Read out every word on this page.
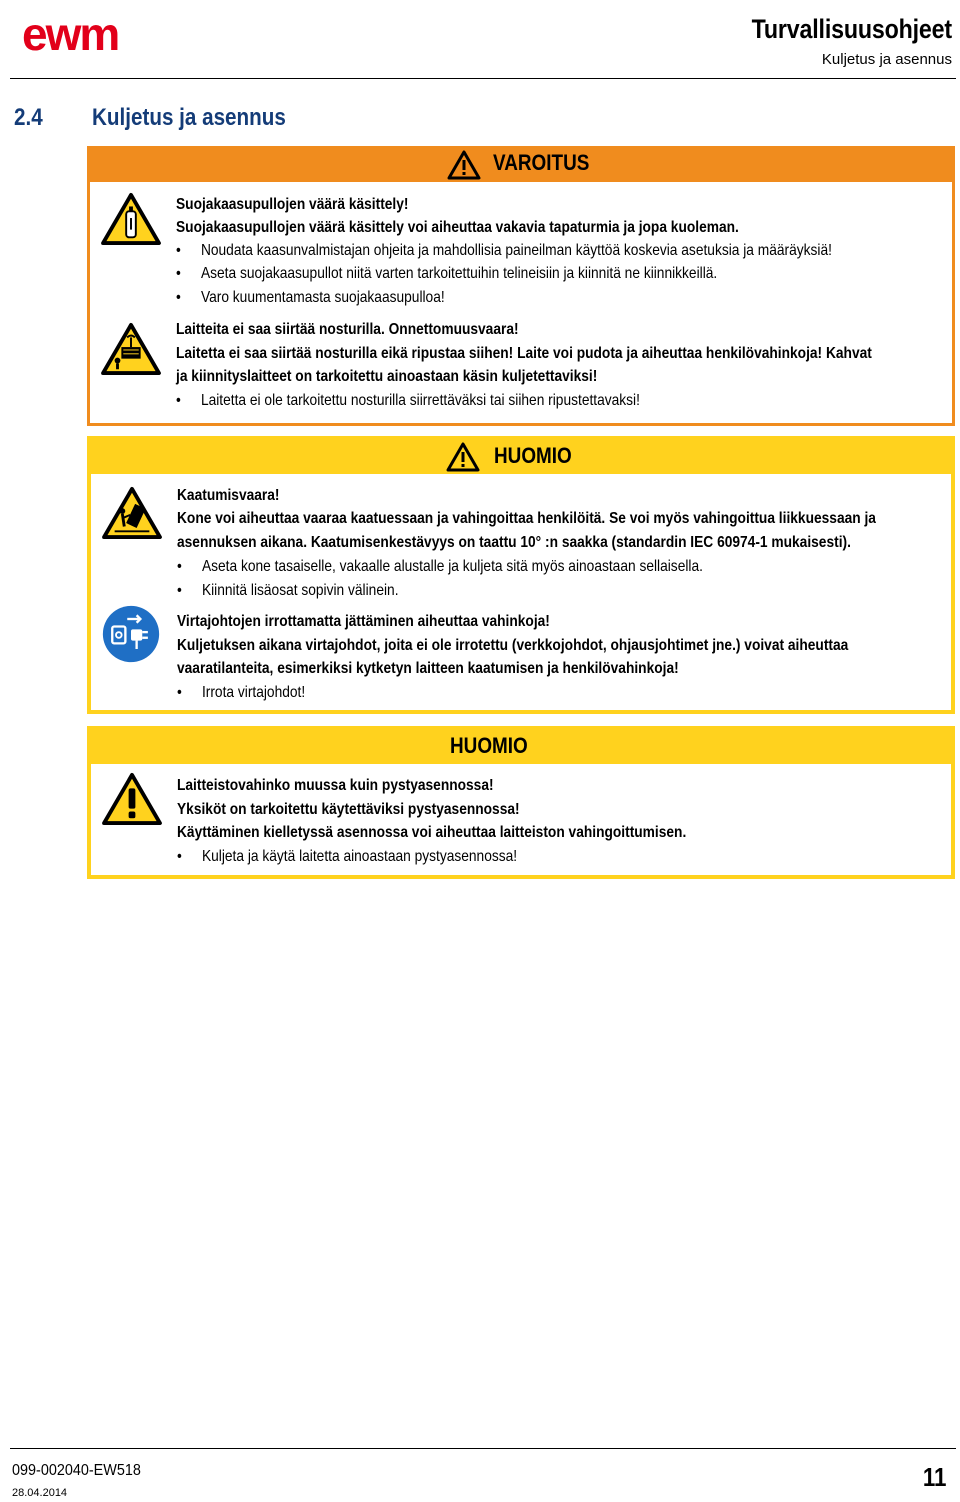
ewm	Turvallisuusohjeet
Kuljetus ja asennus
2.4 Kuljetus ja asennus
VAROITUS
Suojakaasupullojen väärä käsittely!
Suojakaasupullojen väärä käsittely voi aiheuttaa vakavia tapaturmia ja jopa kuoleman.
• Noudata kaasunvalmistajan ohjeita ja mahdollisia paineilman käyttöä koskevia asetuksia ja määräyksiä!
• Aseta suojakaasupullot niitä varten tarkoitettuihin telineisiin ja kiinnitä ne kiinnikkeillä.
• Varo kuumentamasta suojakaasupulloa!
Laitteita ei saa siirtää nosturilla. Onnettomuusvaara!
Laitetta ei saa siirtää nosturilla eikä ripustaa siihen! Laite voi pudota ja aiheuttaa henkilövahinkoja! Kahvat
ja kiinnityslaitteet on tarkoitettu ainoastaan käsin kuljetettaviksi!
• Laitetta ei ole tarkoitettu nosturilla siirrettäväksi tai siihen ripustettavaksi!
HUOMIO
Kaatumisvaara!
Kone voi aiheuttaa vaaraa kaatuessaan ja vahingoittaa henkilöitä. Se voi myös vahingoittua liikkuessaan ja
asennuksen aikana. Kaatumisenkestävyys on taattu 10° :n saakka (standardin IEC 60974-1 mukaisesti).
• Aseta kone tasaiselle, vakaalle alustalle ja kuljeta sitä myös ainoastaan sellaisella.
• Kiinnitä lisäosat sopivin välinein.
Virtajohtojen irrottamatta jättäminen aiheuttaa vahinkoja!
Kuljetuksen aikana virtajohdot, joita ei ole irrotettu (verkkojohdot, ohjausjohtimet jne.) voivat aiheuttaa
vaaratilanteita, esimerkiksi kytketyn laitteen kaatumisen ja henkilövahinkoja!
• Irrota virtajohdot!
HUOMIO
Laitteistovahinko muussa kuin pystyasennossa!
Yksiköt on tarkoitettu käytettäviksi pystyasennossa!
Käyttäminen kielletyssä asennossa voi aiheuttaa laitteiston vahingoittumisen.
• Kuljeta ja käytä laitetta ainoastaan pystyasennossa!
099-002040-EW518
28.04.2014
11
